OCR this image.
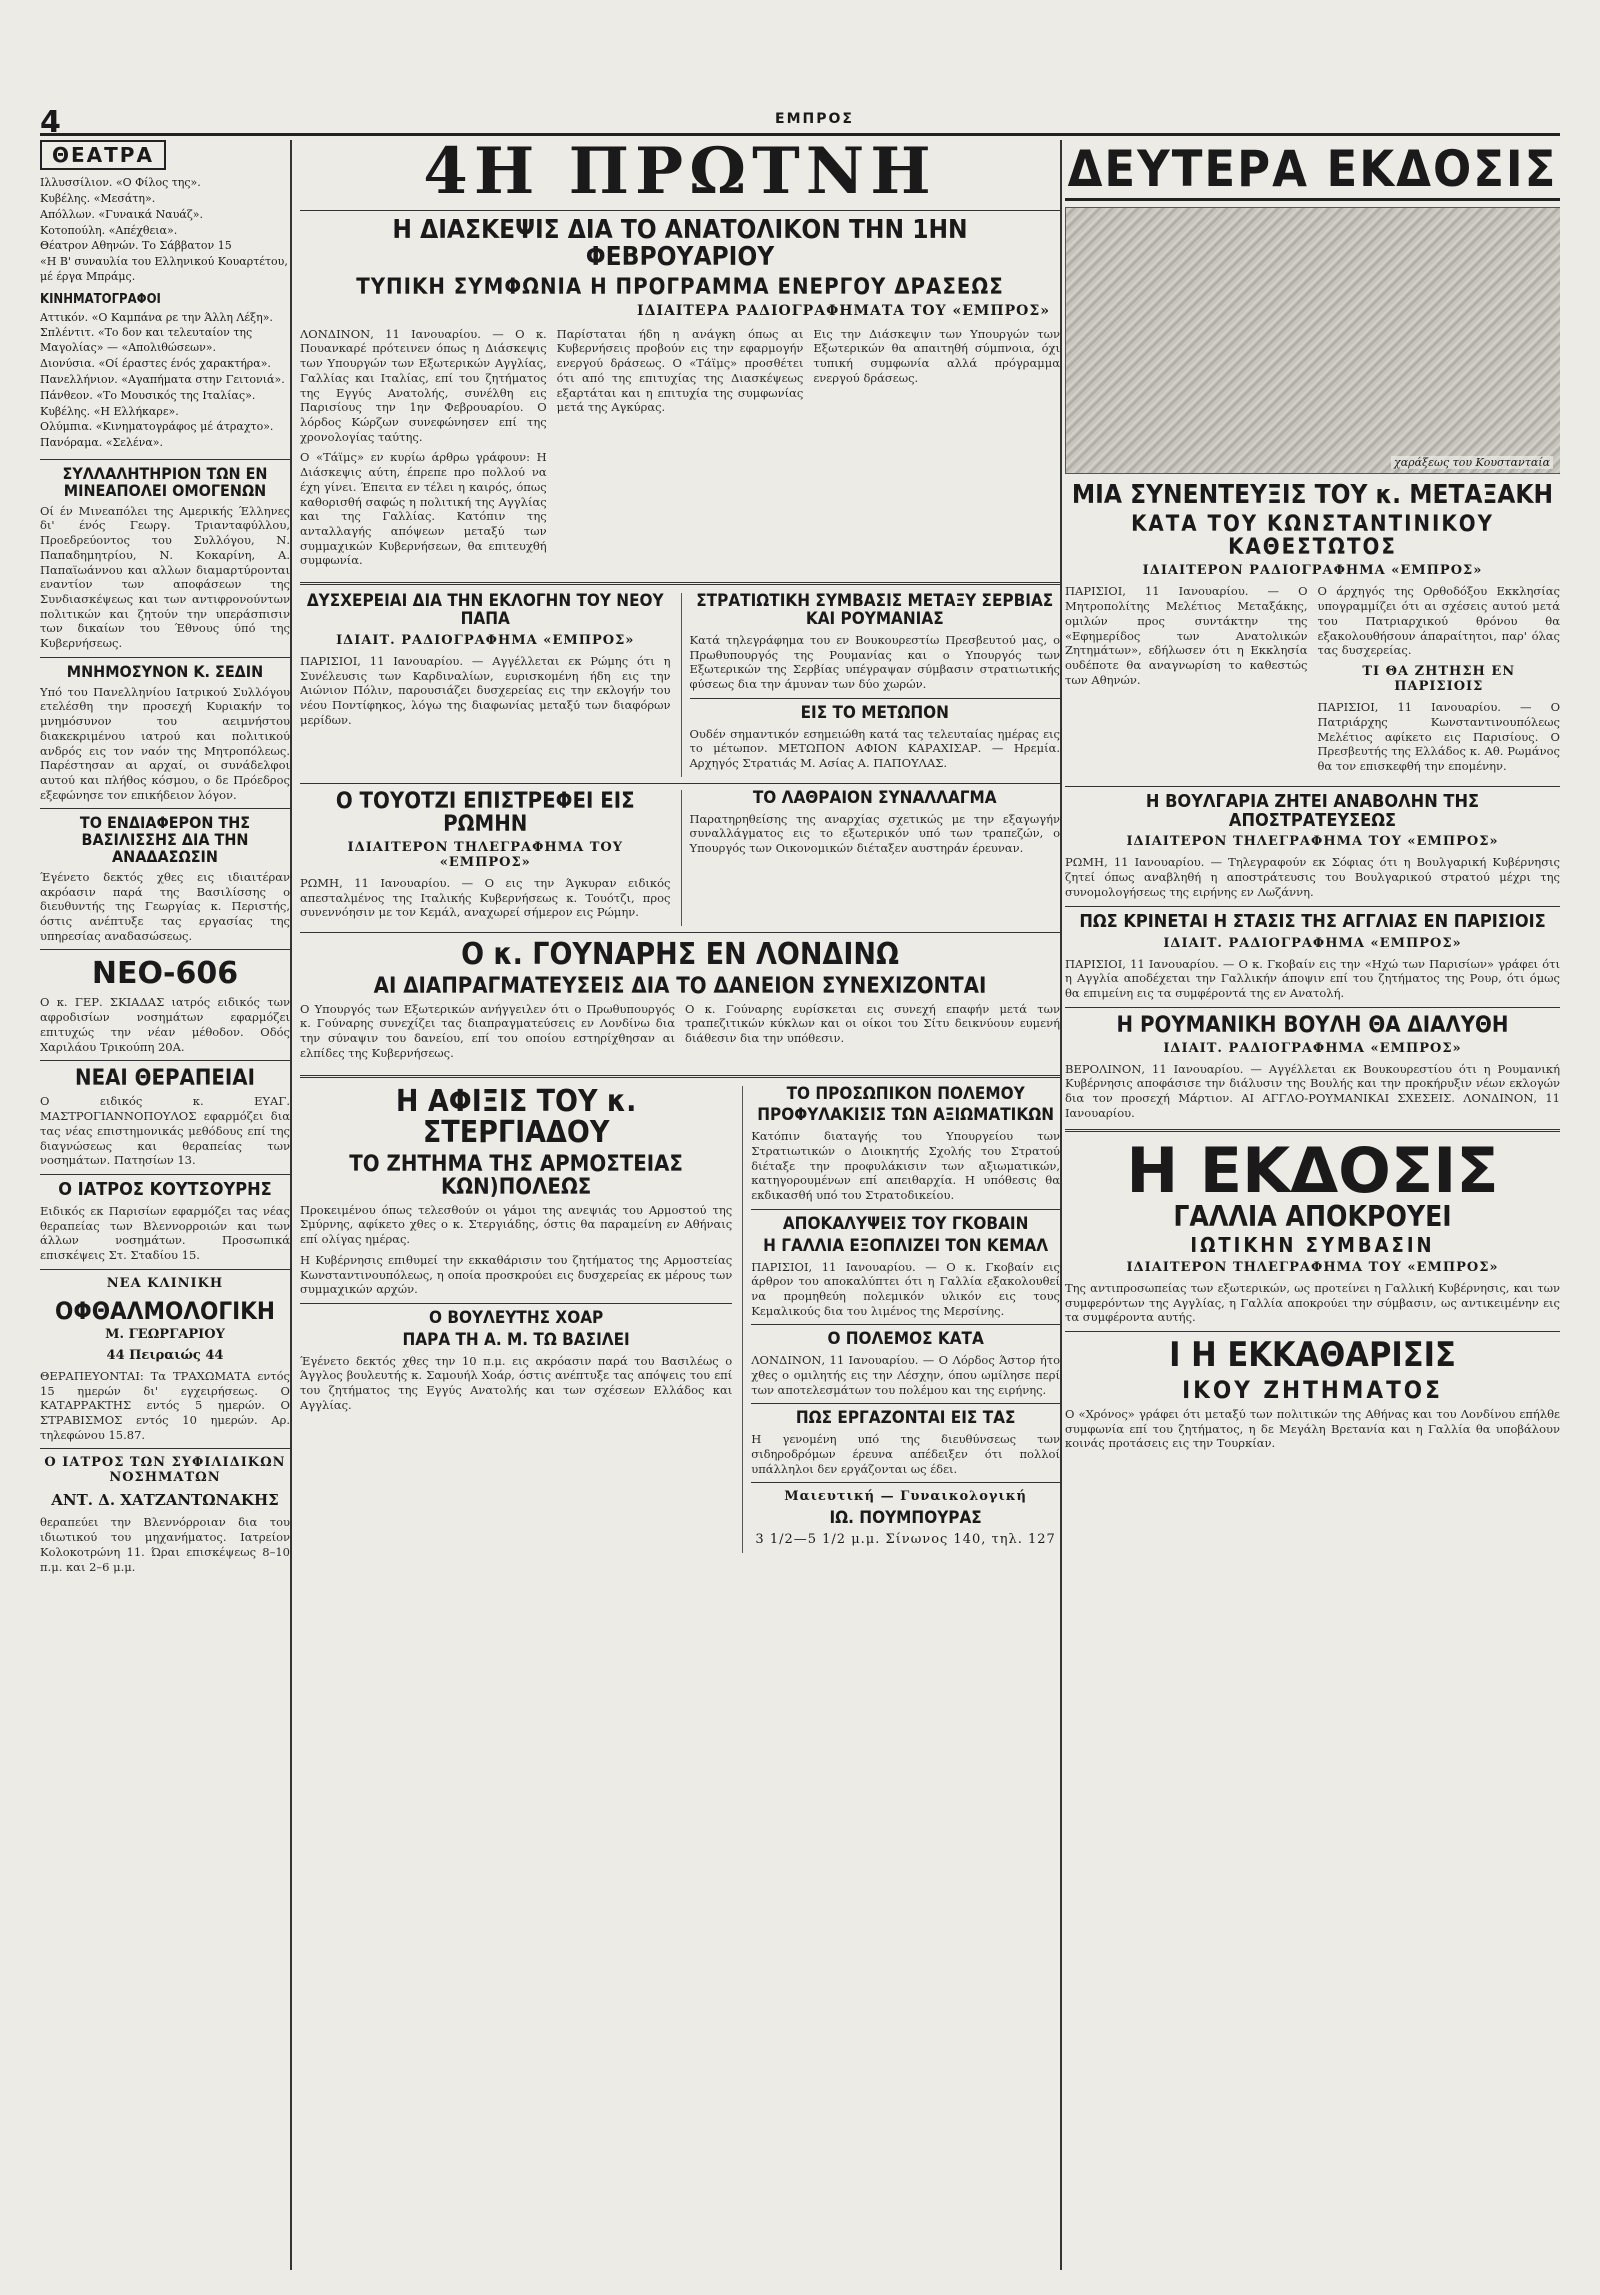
4	ΕΜΠΡΟΣ
ΘΕΑΤΡΑ
Ιλλυσσίλιον. «Ο Φίλος της».
Κυβέλης. «Μεσάτη».
Απόλλων. «Γυναικά Ναυάζ».
Κοτοπούλη. «Απέχθεια».
Θέατρον Αθηνών. Το Σάββατον 15
«Η Β' συναυλία του Ελληνικού Κουαρτέτου, μέ έργα Μπράμς.
ΚΙΝΗΜΑΤΟΓΡΑΦΟΙ
Αττικόν. «Ο Καμπάνα ρε την Άλλη Λέξη».
Σπλέντιτ. «Το δον και τελευταίον της Μαγολίας» — «Απολιθώσεων».
Διονύσια. «Οί έραστες ένός χαρακτήρα».
Πανελλήνιον. «Αγαπήματα στην Γειτονιά».
Πάνθεον. «Το Μουσικός της Ιταλίας».
Κυβέλης. «Η Ελλήκαρε».
Ολύμπια. «Κινηματογράφος μέ άτραχτο».
Πανόραμα. «Σελένα».
ΣΥΛΛΑΛΗΤΗΡΙΟΝ ΤΩΝ ΕΝ ΜΙΝΕΑΠΟΛΕΙ ΟΜΟΓΕΝΩΝ

Οί έν Μινεαπόλει της Αμερικής Έλληνες δι' ένός Γεωργ. Τριανταφύλλου, Προεδρεύοντος του Συλλόγου, Ν. Παπαδημητρίου, Ν. Κοκαρίνη, Α. Παπαϊωάννου και αλλων διαμαρτύρονται εναντίον των αποφάσεων της Συνδιασκέψεως και των αντιφρονούντων πολιτικών και ζητούν την υπεράσπισιν των δικαίων του Έθνους ύπό της Κυβερνήσεως.

ΜΝΗΜΟΣΥΝΟΝ Κ. ΣΕΔΙΝ

Υπό του Πανελληνίου Ιατρικού Συλλόγου ετελέσθη την προσεχή Κυριακήν το μνημόσυνον του αειμνήστου διακεκριμένου ιατρού και πολιτικού ανδρός εις τον ναόν της Μητροπόλεως. Παρέστησαν αι αρχαί, οι συνάδελφοι αυτού και πλήθος κόσμου, ο δε Πρόεδρος εξεφώνησε τον επικήδειον λόγον.

ΤΟ ΕΝΔΙΑΦΕΡΟΝ ΤΗΣ ΒΑΣΙΛΙΣΣΗΣ ΔΙΑ ΤΗΝ ΑΝΑΔΑΣΩΣΙΝ

Έγένετο δεκτός χθες εις ιδιαιτέραν ακρόασιν παρά της Βασιλίσσης ο διευθυντής της Γεωργίας κ. Περιστής, όστις ανέπτυξε τας εργασίας της υπηρεσίας αναδασώσεως.

ΝΕΟ-606

Ο κ. ΓΕΡ. ΣΚΙΑΔΑΣ ιατρός ειδικός των αφροδισίων νοσημάτων εφαρμόζει επιτυχώς την νέαν μέθοδον. Οδός Χαριλάου Τρικούπη 20Α.

ΝΕΑΙ ΘΕΡΑΠΕΙΑΙ

Ο ειδικός κ. ΕΥΑΓ. ΜΑΣΤΡΟΓΙΑΝΝΟΠΟΥΛΟΣ εφαρμόζει δια τας νέας επιστημονικάς μεθόδους επί της διαγνώσεως και θεραπείας των νοσημάτων. Πατησίων 13.

Ο ΙΑΤΡΟΣ ΚΟΥΤΣΟΥΡΗΣ

Ειδικός εκ Παρισίων εφαρμόζει τας νέας θεραπείας των Βλεννορροιών και των άλλων νοσημάτων. Προσωπικά επισκέψεις Στ. Σταδίου 15.

ΝΕΑ ΚΛΙΝΙΚΗ
ΟΦΘΑΛΜΟΛΟΓΙΚΗ
Μ. ΓΕΩΡΓΑΡΙΟΥ
44 Πειραιώς 44

ΘΕΡΑΠΕΥΟΝΤΑΙ: Τα ΤΡΑΧΩΜΑΤΑ εντός 15 ημερών δι' εγχειρήσεως. Ο ΚΑΤΑΡΡΑΚΤΗΣ εντός 5 ημερών. Ο ΣΤΡΑΒΙΣΜΟΣ εντός 10 ημερών. Αρ. τηλεφώνου 15.87.

Ο ΙΑΤΡΟΣ ΤΩΝ ΣΥΦΙΛΙΔΙΚΩΝ ΝΟΣΗΜΑΤΩΝ
ΑΝΤ. Δ. ΧΑΤΖΑΝΤΩΝΑΚΗΣ

θεραπεύει την Βλεννόρροιαν δια του ιδιωτικού του μηχανήματος. Ιατρείον Κολοκοτρώνη 11. Ώραι επισκέψεως 8–10 π.μ. και 2–6 μ.μ.

4Η ΠΡΩΤΝΗ
Η ΔΙΑΣΚΕΨΙΣ ΔΙΑ ΤΟ ΑΝΑΤΟΛΙΚΟΝ ΤΗΝ 1ΗΝ ΦΕΒΡΟΥΑΡΙΟΥ
ΤΥΠΙΚΗ ΣΥΜΦΩΝΙΑ Η ΠΡΟΓΡΑΜΜΑ ΕΝΕΡΓΟΥ ΔΡΑΣΕΩΣ
ΙΔΙΑΙΤΕΡΑ ΡΑΔΙΟΓΡΑΦΗΜΑΤΑ ΤΟΥ «ΕΜΠΡΟΣ»

ΛΟΝΔΙΝΟΝ, 11 Ιανουαρίου. — Ο κ. Πουανκαρέ πρότεινεν όπως η Διάσκεψις των Υπουργών των Εξωτερικών Αγγλίας, Γαλλίας και Ιταλίας, επί του ζητήματος της Εγγύς Ανατολής, συνέλθη εις Παρισίους την 1ην Φεβρουαρίου. Ο λόρδος Κώρζων συνεφώνησεν επί της χρονολογίας ταύτης.

Ο «Τάϊμς» εν κυρίω άρθρω γράφουν: Η Διάσκεψις αύτη, έπρεπε προ πολλού να έχη γίνει. Έπειτα εν τέλει η καιρός, όπως καθορισθή σαφώς η πολιτική της Αγγλίας και της Γαλλίας. Κατόπιν της ανταλλαγής απόψεων μεταξύ των συμμαχικών Κυβερνήσεων, θα επιτευχθή συμφωνία.

Παρίσταται ήδη η ανάγκη όπως αι Κυβερνήσεις προβούν εις την εφαρμογήν ενεργού δράσεως. Ο «Τάϊμς» προσθέτει ότι από της επιτυχίας της Διασκέψεως εξαρτάται και η επιτυχία της συμφωνίας μετά της Αγκύρας.

Εις την Διάσκεψιν των Υπουργών των Εξωτερικών θα απαιτηθή σύμπνοια, όχι τυπική συμφωνία αλλά πρόγραμμα ενεργού δράσεως.

ΔΥΣΧΕΡΕΙΑΙ ΔΙΑ ΤΗΝ ΕΚΛΟΓΗΝ ΤΟΥ ΝΕΟΥ ΠΑΠΑ
ΙΔΙΑΙΤ. ΡΑΔΙΟΓΡΑΦΗΜΑ «ΕΜΠΡΟΣ»

ΠΑΡΙΣΙΟΙ, 11 Ιανουαρίου. — Αγγέλλεται εκ Ρώμης ότι η Συνέλευσις των Καρδιναλίων, ευρισκομένη ήδη εις την Αιώνιον Πόλιν, παρουσιάζει δυσχερείας εις την εκλογήν του νέου Ποντίφηκος, λόγω της διαφωνίας μεταξύ των διαφόρων μερίδων.

ΣΤΡΑΤΙΩΤΙΚΗ ΣΥΜΒΑΣΙΣ ΜΕΤΑΞΥ ΣΕΡΒΙΑΣ ΚΑΙ ΡΟΥΜΑΝΙΑΣ

Κατά τηλεγράφημα του εν Βουκουρεστίω Πρεσβευτού μας, ο Πρωθυπουργός της Ρουμανίας και ο Υπουργός των Εξωτερικών της Σερβίας υπέγραψαν σύμβασιν στρατιωτικής φύσεως δια την άμυναν των δύο χωρών.

ΕΙΣ ΤΟ ΜΕΤΩΠΟΝ

Ουδέν σημαντικόν εσημειώθη κατά τας τελευταίας ημέρας εις το μέτωπον. ΜΕΤΩΠΟΝ ΑΦΙΟΝ ΚΑΡΑΧΙΣΑΡ. — Ηρεμία. Αρχηγός Στρατιάς Μ. Ασίας Α. ΠΑΠΟΥΛΑΣ.

Ο ΤΟΥΟΤΖΙ ΕΠΙΣΤΡΕΦΕΙ ΕΙΣ ΡΩΜΗΝ
ΙΔΙΑΙΤΕΡΟΝ ΤΗΛΕΓΡΑΦΗΜΑ ΤΟΥ «ΕΜΠΡΟΣ»

ΡΩΜΗ, 11 Ιανουαρίου. — Ο εις την Άγκυραν ειδικός απεσταλμένος της Ιταλικής Κυβερνήσεως κ. Τουότζι, προς συνεννόησιν με τον Κεμάλ, αναχωρεί σήμερον εις Ρώμην.

ΤΟ ΛΑΘΡΑΙΟΝ ΣΥΝΑΛΛΑΓΜΑ

Παρατηρηθείσης της αναρχίας σχετικώς με την εξαγωγήν συναλλάγματος εις το εξωτερικόν υπό των τραπεζών, ο Υπουργός των Οικονομικών διέταξεν αυστηράν έρευναν.

Ο κ. ΓΟΥΝΑΡΗΣ ΕΝ ΛΟΝΔΙΝΩ
ΑΙ ΔΙΑΠΡΑΓΜΑΤΕΥΣΕΙΣ ΔΙΑ ΤΟ ΔΑΝΕΙΟΝ ΣΥΝΕΧΙΖΟΝΤΑΙ

Ο Υπουργός των Εξωτερικών ανήγγειλεν ότι ο Πρωθυπουργός κ. Γούναρης συνεχίζει τας διαπραγματεύσεις εν Λονδίνω δια την σύναψιν του δανείου, επί του οποίου εστηρίχθησαν αι ελπίδες της Κυβερνήσεως.

Ο κ. Γούναρης ευρίσκεται εις συνεχή επαφήν μετά των τραπεζιτικών κύκλων και οι οίκοι του Σίτυ δεικνύουν ευμενή διάθεσιν δια την υπόθεσιν.

Η ΑΦΙΞΙΣ ΤΟΥ κ. ΣΤΕΡΓΙΑΔΟΥ
ΤΟ ΖΗΤΗΜΑ ΤΗΣ ΑΡΜΟΣΤΕΙΑΣ ΚΩΝ)ΠΟΛΕΩΣ

Προκειμένου όπως τελεσθούν οι γάμοι της ανεψιάς του Αρμοστού της Σμύρνης, αφίκετο χθες ο κ. Στεργιάδης, όστις θα παραμείνη εν Αθήναις επί ολίγας ημέρας.

Η Κυβέρνησις επιθυμεί την εκκαθάρισιν του ζητήματος της Αρμοστείας Κωνσταντινουπόλεως, η οποία προσκρούει εις δυσχερείας εκ μέρους των συμμαχικών αρχών.

Ο ΒΟΥΛΕΥΤΗΣ ΧΟΑΡ
ΠΑΡΑ ΤΗ Α. Μ. ΤΩ ΒΑΣΙΛΕΙ

Έγένετο δεκτός χθες την 10 π.μ. εις ακρόασιν παρά του Βασιλέως ο Άγγλος βουλευτής κ. Σαμουήλ Χοάρ, όστις ανέπτυξε τας απόψεις του επί του ζητήματος της Εγγύς Ανατολής και των σχέσεων Ελλάδος και Αγγλίας.

ΤΟ ΠΡΟΣΩΠΙΚΟΝ ΠΟΛΕΜΟΥ
ΠΡΟΦΥΛΑΚΙΣΙΣ ΤΩΝ ΑΞΙΩΜΑΤΙΚΩΝ

Κατόπιν διαταγής του Υπουργείου των Στρατιωτικών ο Διοικητής Σχολής του Στρατού διέταξε την προφυλάκισιν των αξιωματικών, κατηγορουμένων επί απειθαρχία. Η υπόθεσις θα εκδικασθή υπό του Στρατοδικείου.

ΑΠΟΚΑΛΥΨΕΙΣ ΤΟΥ ΓΚΟΒΑΙΝ
Η ΓΑΛΛΙΑ ΕΞΟΠΛΙΖΕΙ ΤΟΝ ΚΕΜΑΛ

ΠΑΡΙΣΙΟΙ, 11 Ιανουαρίου. — Ο κ. Γκοβαίν εις άρθρον του αποκαλύπτει ότι η Γαλλία εξακολουθεί να προμηθεύη πολεμικόν υλικόν εις τους Κεμαλικούς δια του λιμένος της Μερσίνης.

Ο ΠΟΛΕΜΟΣ ΚΑΤΑ

ΛΟΝΔΙΝΟΝ, 11 Ιανουαρίου. — Ο Λόρδος Άστορ ήτο χθες ο ομιλητής εις την Λέσχην, όπου ωμίλησε περί των αποτελεσμάτων του πολέμου και της ειρήνης.

ΠΩΣ ΕΡΓΑΖΟΝΤΑΙ ΕΙΣ ΤΑΣ

Η γενομένη υπό της διευθύνσεως των σιδηροδρόμων έρευνα απέδειξεν ότι πολλοί υπάλληλοι δεν εργάζονται ως έδει.

Μαιευτική — Γυναικολογική
ΙΩ. ΠΟΥΜΠΟΥΡΑΣ
3 1/2—5 1/2 μ.μ. Σίνωνος 140, τηλ. 127
ΔΕΥΤΕΡΑ ΕΚΔΟΣΙΣ
χαράξεως του Κουστανταία
ΜΙΑ ΣΥΝΕΝΤΕΥΞΙΣ ΤΟΥ κ. ΜΕΤΑΞΑΚΗ
ΚΑΤΑ ΤΟΥ ΚΩΝΣΤΑΝΤΙΝΙΚΟΥ ΚΑΘΕΣΤΩΤΟΣ
ΙΔΙΑΙΤΕΡΟΝ ΡΑΔΙΟΓΡΑΦΗΜΑ «ΕΜΠΡΟΣ»

ΠΑΡΙΣΙΟΙ, 11 Ιανουαρίου. — Ο Μητροπολίτης Μελέτιος Μεταξάκης, ομιλών προς συντάκτην της «Εφημερίδος των Ανατολικών Ζητημάτων», εδήλωσεν ότι η Εκκλησία ουδέποτε θα αναγνωρίση το καθεστώς των Αθηνών.

Ο άρχηγός της Ορθοδόξου Εκκλησίας υπογραμμίζει ότι αι σχέσεις αυτού μετά του Πατριαρχικού θρόνου θα εξακολουθήσουν άπαραίτητοι, παρ' όλας τας δυσχερείας.

ΤΙ ΘΑ ΖΗΤΗΣΗ ΕΝ ΠΑΡΙΣΙΟΙΣ

ΠΑΡΙΣΙΟΙ, 11 Ιανουαρίου. — Ο Πατριάρχης Κωνσταντινουπόλεως Μελέτιος αφίκετο εις Παρισίους. Ο Πρεσβευτής της Ελλάδος κ. Αθ. Ρωμάνος θα τον επισκεφθή την επομένην.

Η ΒΟΥΛΓΑΡΙΑ ΖΗΤΕΙ ΑΝΑΒΟΛΗΝ ΤΗΣ ΑΠΟΣΤΡΑΤΕΥΣΕΩΣ
ΙΔΙΑΙΤΕΡΟΝ ΤΗΛΕΓΡΑΦΗΜΑ ΤΟΥ «ΕΜΠΡΟΣ»

ΡΩΜΗ, 11 Ιανουαρίου. — Τηλεγραφούν εκ Σόφιας ότι η Βουλγαρική Κυβέρνησις ζητεί όπως αναβληθή η αποστράτευσις του Βουλγαρικού στρατού μέχρι της συνομολογήσεως της ειρήνης εν Λωζάννη.

ΠΩΣ ΚΡΙΝΕΤΑΙ Η ΣΤΑΣΙΣ ΤΗΣ ΑΓΓΛΙΑΣ ΕΝ ΠΑΡΙΣΙΟΙΣ
ΙΔΙΑΙΤ. ΡΑΔΙΟΓΡΑΦΗΜΑ «ΕΜΠΡΟΣ»

ΠΑΡΙΣΙΟΙ, 11 Ιανουαρίου. — Ο κ. Γκοβαίν εις την «Ηχώ των Παρισίων» γράφει ότι η Αγγλία αποδέχεται την Γαλλικήν άποψιν επί του ζητήματος της Ρουρ, ότι όμως θα επιμείνη εις τα συμφέροντά της εν Ανατολή.

Η ΡΟΥΜΑΝΙΚΗ ΒΟΥΛΗ ΘΑ ΔΙΑΛΥΘΗ
ΙΔΙΑΙΤ. ΡΑΔΙΟΓΡΑΦΗΜΑ «ΕΜΠΡΟΣ»

ΒΕΡΟΛΙΝΟΝ, 11 Ιανουαρίου. — Αγγέλλεται εκ Βουκουρεστίου ότι η Ρουμανική Κυβέρνησις αποφάσισε την διάλυσιν της Βουλής και την προκήρυξιν νέων εκλογών δια τον προσεχή Μάρτιον. ΑΙ ΑΓΓΛΟ-ΡΟΥΜΑΝΙΚΑΙ ΣΧΕΣΕΙΣ. ΛΟΝΔΙΝΟΝ, 11 Ιανουαρίου.

Η ΕΚΔΟΣΙΣ
ΓΑΛΛΙΑ ΑΠΟΚΡΟΥΕΙ
ΙΩΤΙΚΗΝ ΣΥΜΒΑΣΙΝ
ΙΔΙΑΙΤΕΡΟΝ ΤΗΛΕΓΡΑΦΗΜΑ ΤΟΥ «ΕΜΠΡΟΣ»

Της αντιπροσωπείας των εξωτερικών, ως προτείνει η Γαλλική Κυβέρνησις, και των συμφερόντων της Αγγλίας, η Γαλλία αποκρούει την σύμβασιν, ως αντικειμένην εις τα συμφέροντα αυτής.

Ι Η ΕΚΚΑΘΑΡΙΣΙΣ
ΙΚΟΥ ΖΗΤΗΜΑΤΟΣ

Ο «Χρόνος» γράφει ότι μεταξύ των πολιτικών της Αθήνας και του Λονδίνου επήλθε συμφωνία επί του ζητήματος, η δε Μεγάλη Βρετανία και η Γαλλία θα υποβάλουν κοινάς προτάσεις εις την Τουρκίαν.
